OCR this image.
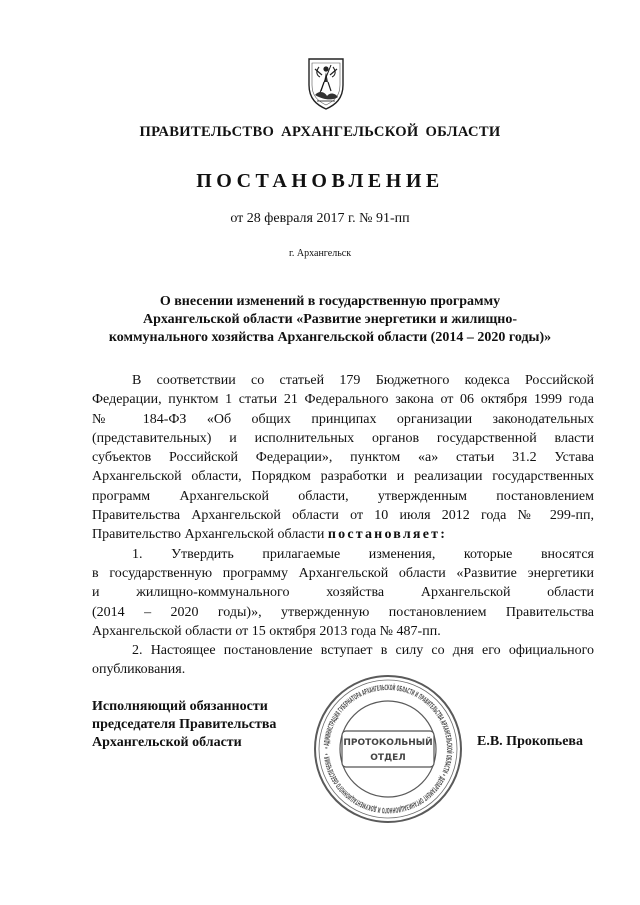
ПРАВИТЕЛЬСТВО АРХАНГЕЛЬСКОЙ ОБЛАСТИ
ПОСТАНОВЛЕНИЕ
от 28 февраля 2017 г. № 91-пп
г. Архангельск
О внесении изменений в государственную программу
Архангельской области «Развитие энергетики и жилищно-
коммунального хозяйства Архангельской области (2014 – 2020 годы)»
В соответствии со статьей 179 Бюджетного кодекса Российской
Федерации, пунктом 1 статьи 21 Федерального закона от 06 октября 1999 года
№ 184-ФЗ «Об общих принципах организации законодательных
(представительных) и исполнительных органов государственной власти
субъектов Российской Федерации», пунктом «а» статьи 31.2 Устава
Архангельской области, Порядком разработки и реализации государственных
программ Архангельской области, утвержденным постановлением
Правительства Архангельской области от 10 июля 2012 года № 299-пп,
Правительство Архангельской области постановляет:
1. Утвердить прилагаемые изменения, которые вносятся
в государственную программу Архангельской области «Развитие энергетики
и жилищно-коммунального хозяйства Архангельской области
(2014 – 2020 годы)», утвержденную постановлением Правительства
Архангельской области от 15 октября 2013 года № 487-пп.
2. Настоящее постановление вступает в силу со дня его официального
опубликования.
Исполняющий обязанности
председателя Правительства
Архангельской области	Е.В. Прокопьева
• АДМИНИСТРАЦИЯ ГУБЕРНАТОРА АРХАНГЕЛЬСКОЙ ОБЛАСТИ И ПРАВИТЕЛЬСТВА АРХАНГЕЛЬСКОЙ ОБЛАСТИ • ДЕПАРТАМЕНТ ОРГАНИЗАЦИОННОГО И ДОКУМЕНТАЦИОННОГО ОБЕСПЕЧЕНИЯ •
ПРОТОКОЛЬНЫЙ
ОТДЕЛ
